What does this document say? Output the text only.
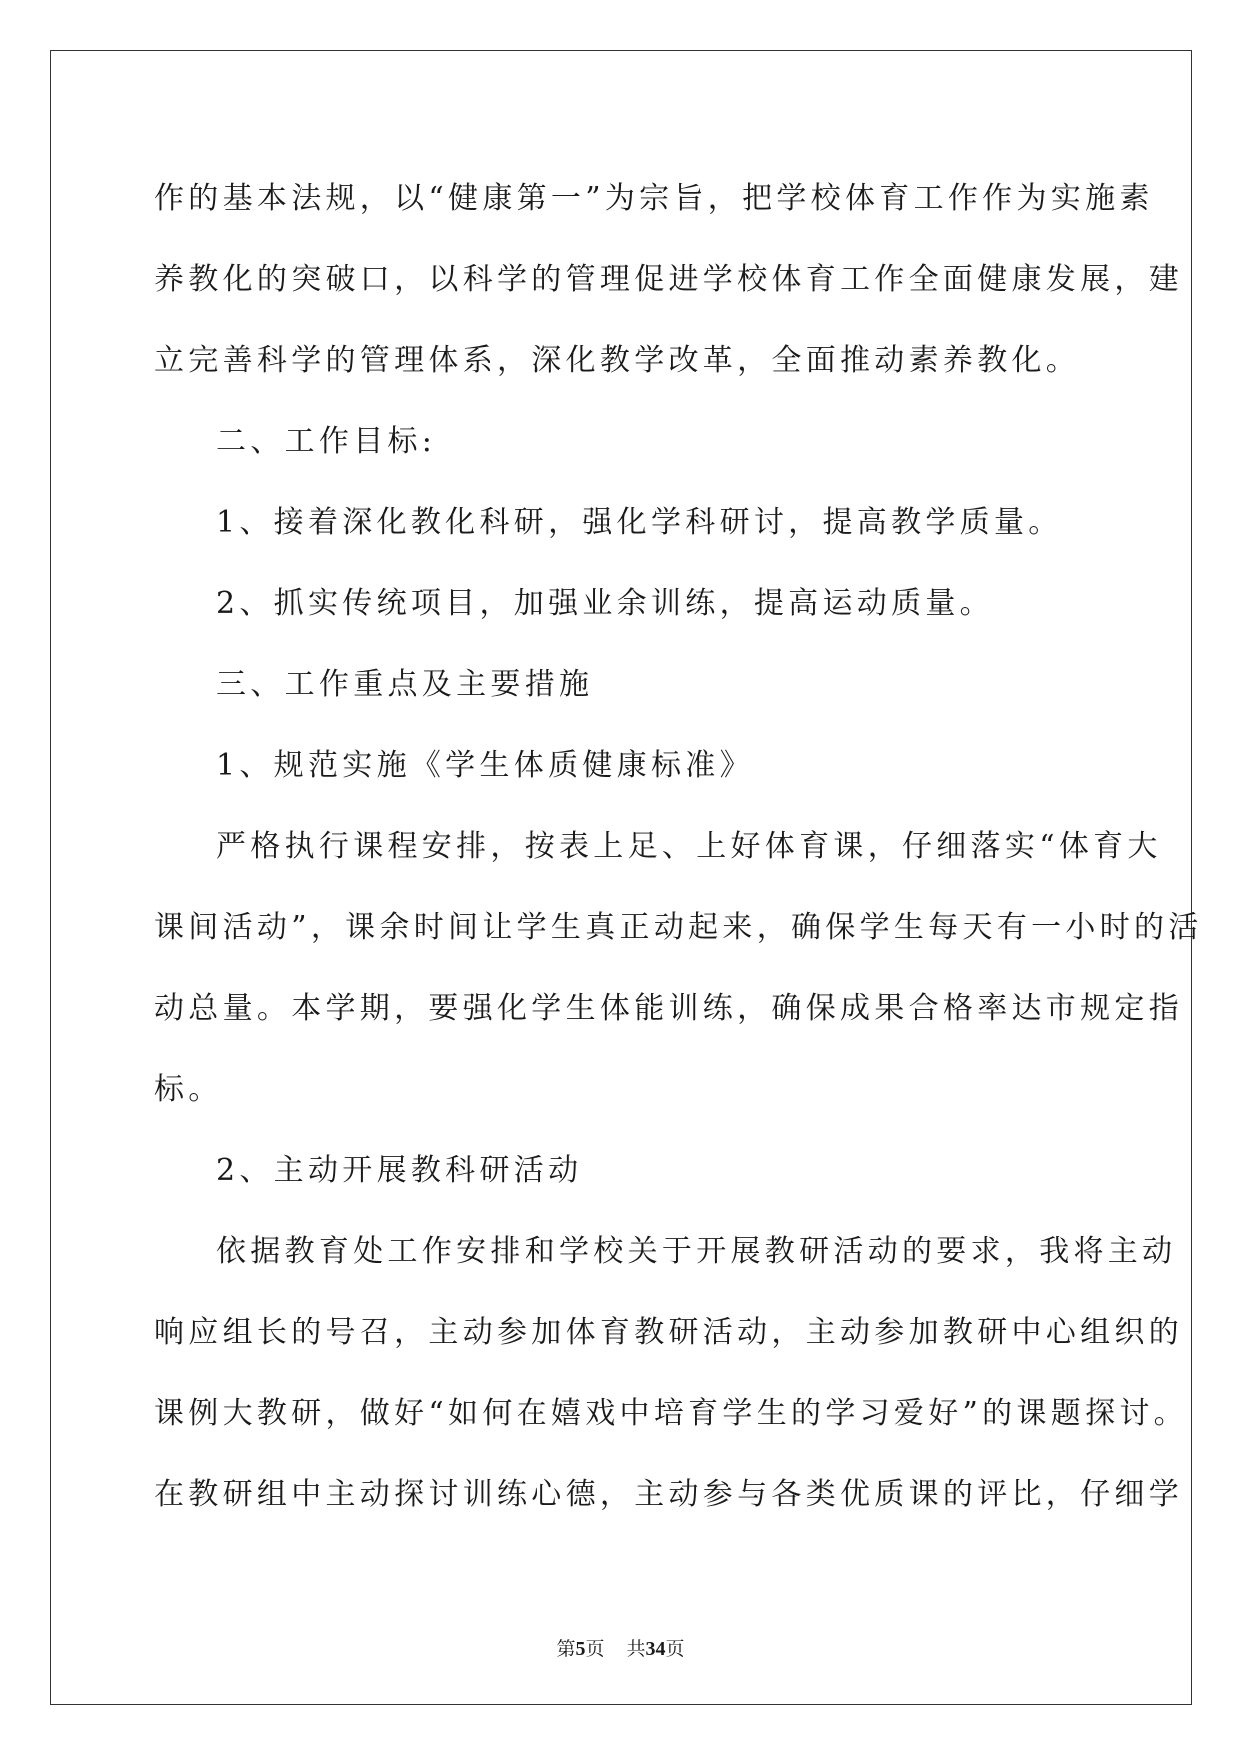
作的基本法规，以“健康第一”为宗旨，把学校体育工作作为实施素
养教化的突破口，以科学的管理促进学校体育工作全面健康发展，建
立完善科学的管理体系，深化教学改革，全面推动素养教化。
二、工作目标:
1、接着深化教化科研，强化学科研讨，提高教学质量。
2、抓实传统项目，加强业余训练，提高运动质量。
三、工作重点及主要措施
1、规范实施《学生体质健康标准》
严格执行课程安排，按表上足、上好体育课，仔细落实“体育大
课间活动”，课余时间让学生真正动起来，确保学生每天有一小时的活
动总量。本学期，要强化学生体能训练，确保成果合格率达市规定指
标。
2、主动开展教科研活动
依据教育处工作安排和学校关于开展教研活动的要求，我将主动
响应组长的号召，主动参加体育教研活动，主动参加教研中心组织的
课例大教研，做好“如何在嬉戏中培育学生的学习爱好”的课题探讨。
在教研组中主动探讨训练心德，主动参与各类优质课的评比，仔细学
第5页 共34页
